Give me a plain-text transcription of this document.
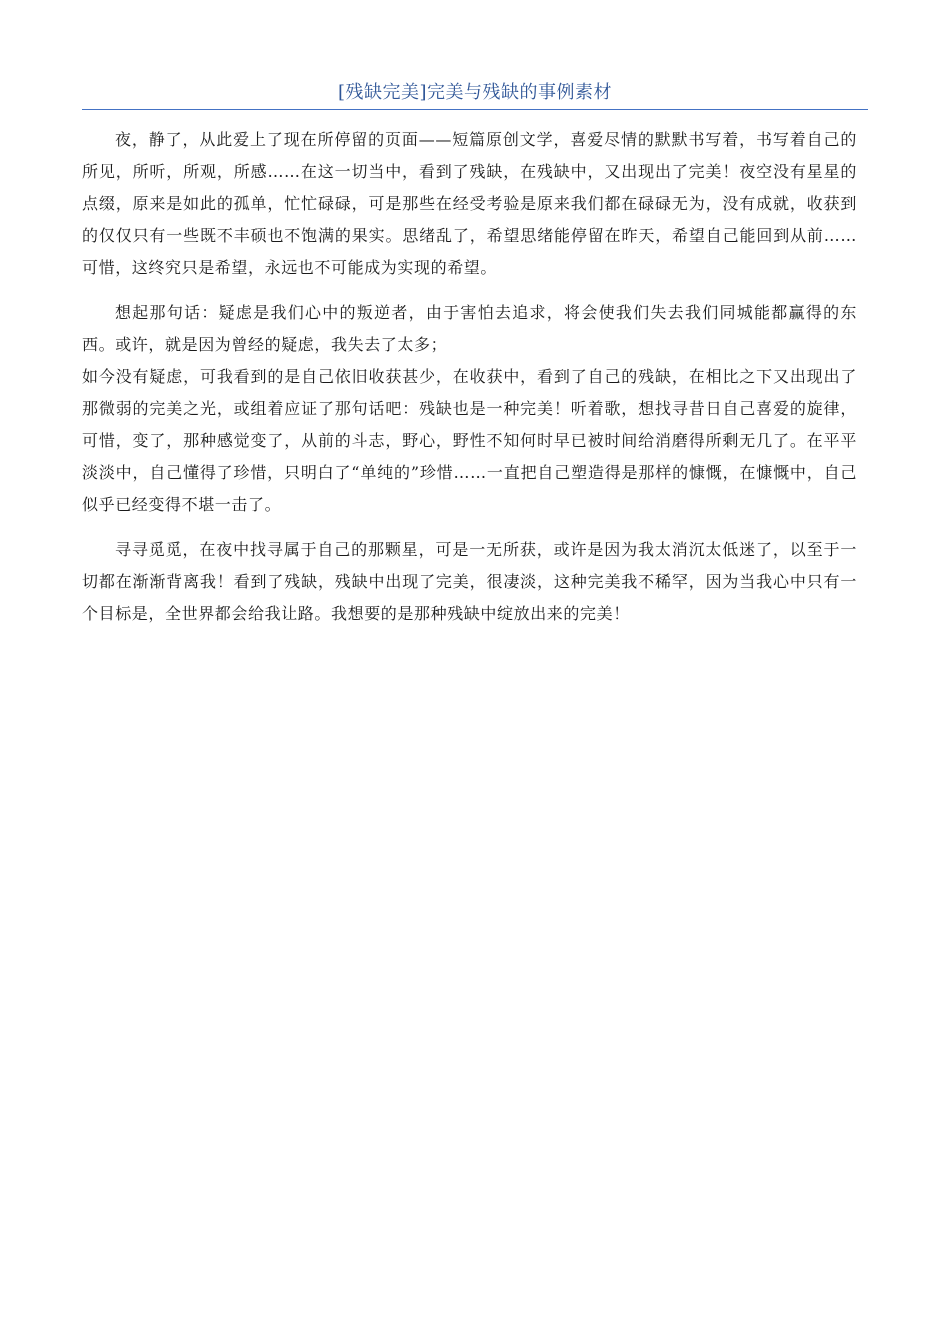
[残缺完美]完美与残缺的事例素材

夜，静了，从此爱上了现在所停留的页面——短篇原创文学，喜爱尽情的默默书写着，书写着自己的所见，所听，所观，所感……在这一切当中，看到了残缺，在残缺中，又出现出了完美！夜空没有星星的点缀，原来是如此的孤单，忙忙碌碌，可是那些在经受考验是原来我们都在碌碌无为，没有成就，收获到的仅仅只有一些既不丰硕也不饱满的果实。思绪乱了，希望思绪能停留在昨天，希望自己能回到从前……可惜，这终究只是希望，永远也不可能成为实现的希望。

想起那句话：疑虑是我们心中的叛逆者，由于害怕去追求，将会使我们失去我们同城能都赢得的东西。或许，就是因为曾经的疑虑，我失去了太多；

如今没有疑虑，可我看到的是自己依旧收获甚少，在收获中，看到了自己的残缺，在相比之下又出现出了那微弱的完美之光，或组着应证了那句话吧：残缺也是一种完美！听着歌，想找寻昔日自己喜爱的旋律，可惜，变了，那种感觉变了，从前的斗志，野心，野性不知何时早已被时间给消磨得所剩无几了。在平平淡淡中，自己懂得了珍惜，只明白了“单纯的”珍惜……一直把自己塑造得是那样的慷慨，在慷慨中，自己似乎已经变得不堪一击了。

寻寻觅觅，在夜中找寻属于自己的那颗星，可是一无所获，或许是因为我太消沉太低迷了，以至于一切都在渐渐背离我！看到了残缺，残缺中出现了完美，很凄淡，这种完美我不稀罕，因为当我心中只有一个目标是，全世界都会给我让路。我想要的是那种残缺中绽放出来的完美！
